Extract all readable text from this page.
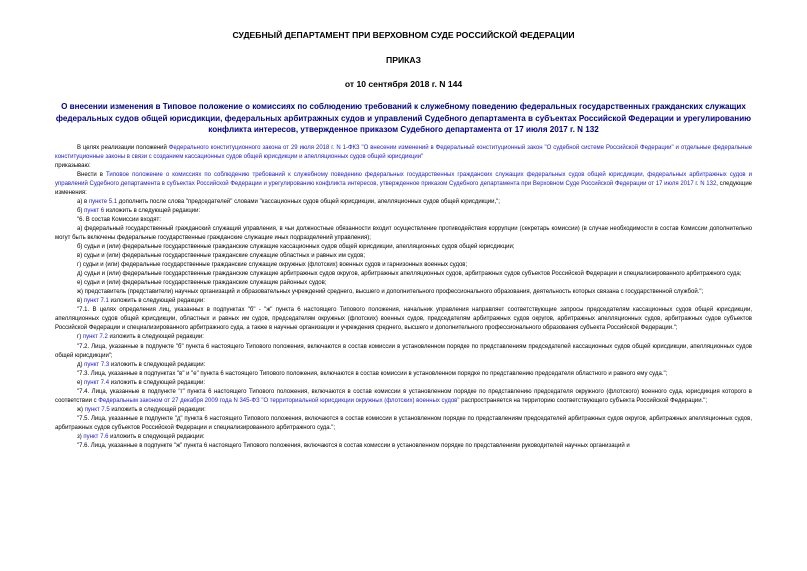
СУДЕБНЫЙ ДЕПАРТАМЕНТ ПРИ ВЕРХОВНОМ СУДЕ РОССИЙСКОЙ ФЕДЕРАЦИИ
ПРИКАЗ
от 10 сентября 2018 г. N 144
О внесении изменения в Типовое положение о комиссиях по соблюдению требований к служебному поведению федеральных государственных гражданских служащих федеральных судов общей юрисдикции, федеральных арбитражных судов и управлений Судебного департамента в субъектах Российской Федерации и урегулированию конфликта интересов, утвержденное приказом Судебного департамента от 17 июля 2017 г. N 132

В целях реализации положений Федерального конституционного закона от 29 июля 2018 г. N 1-ФКЗ "О внесении изменений в Федеральный конституционный закон "О судебной системе Российской Федерации" и отдельные федеральные конституционные законы в связи с созданием кассационных судов общей юрисдикции и апелляционных судов общей юрисдикции"

приказываю:

Внести в Типовое положение о комиссиях по соблюдению требований к служебному поведению федеральных государственных гражданских служащих федеральных судов общей юрисдикции, федеральных арбитражных судов и управлений Судебного департамента в субъектах Российской Федерации и урегулированию конфликта интересов, утвержденное приказом Судебного департамента при Верховном Суде Российской Федерации от 17 июля 2017 г. N 132, следующие изменения:

а) в пункте 5.1 дополнить после слова "председателей" словами "кассационных судов общей юрисдикции, апелляционных судов общей юрисдикции,";

б) пункт 6 изложить в следующей редакции:

"6. В состав Комиссии входят:

а) федеральный государственный гражданский служащий управления, в чьи должностные обязанности входит осуществление противодействия коррупции (секретарь комиссии) (в случае необходимости в состав Комиссии дополнительно могут быть включены федеральные государственные гражданские служащие иных подразделений управления);

б) судьи и (или) федеральные государственные гражданские служащие кассационных судов общей юрисдикции, апелляционных судов общей юрисдикции;

в) судьи и (или) федеральные государственные гражданские служащие областных и равных им судов;

г) судьи и (или) федеральные государственные гражданские служащие окружных (флотских) военных судов и гарнизонных военных судов;

д) судьи и (или) федеральные государственные гражданские служащие арбитражных судов округов, арбитражных апелляционных судов, арбитражных судов субъектов Российской Федерации и специализированного арбитражного суда;

е) судьи и (или) федеральные государственные гражданские служащие районных судов;

ж) представитель (представители) научных организаций и образовательных учреждений среднего, высшего и дополнительного профессионального образования, деятельность которых связана с государственной службой.";

в) пункт 7.1 изложить в следующей редакции:

"7.1. В целях определения лиц, указанных в подпунктах "б" - "ж" пункта 6 настоящего Типового положения, начальник управления направляет соответствующие запросы председателям кассационных судов общей юрисдикции, апелляционных судов общей юрисдикции, областных и равных им судов, председателям окружных (флотских) военных судов, председателям арбитражных судов округов, арбитражных апелляционных судов, арбитражных судов субъектов Российской Федерации и специализированного арбитражного суда, а также в научные организации и учреждения среднего, высшего и дополнительного профессионального образования субъекта Российской Федерации.";

г) пункт 7.2 изложить в следующей редакции:

"7.2. Лица, указанные в подпункте "б" пункта 6 настоящего Типового положения, включаются в состав комиссии в установленном порядке по представлениям председателей кассационных судов общей юрисдикции, апелляционных судов общей юрисдикции";

д) пункт 7.3 изложить в следующей редакции:

"7.3. Лица, указанные в подпунктах "в" и "е" пункта 6 настоящего Типового положения, включаются в состав комиссии в установленном порядке по представлению председателя областного и равного ему суда.";

е) пункт 7.4 изложить в следующей редакции:

"7.4. Лица, указанные в подпункте "г" пункта 6 настоящего Типового положения, включаются в состав комиссии в установленном порядке по представлению председателя окружного (флотского) военного суда, юрисдикция которого в соответствии с Федеральным законом от 27 декабря 2009 года N 345-ФЗ "О территориальной юрисдикции окружных (флотских) военных судов" распространяется на территорию соответствующего субъекта Российской Федерации.";

ж) пункт 7.5 изложить в следующей редакции:

"7.5. Лица, указанные в подпункте "д" пункта 6 настоящего Типового положения, включаются в состав комиссии в установленном порядке по представлениям председателей арбитражных судов округов, арбитражных апелляционных судов, арбитражных судов субъектов Российской Федерации и специализированного арбитражного суда.";

з) пункт 7.6 изложить в следующей редакции:

"7.6. Лица, указанные в подпункте "ж" пункта 6 настоящего Типового положения, включаются в состав комиссии в установленном порядке по представлениям руководителей научных организаций и
